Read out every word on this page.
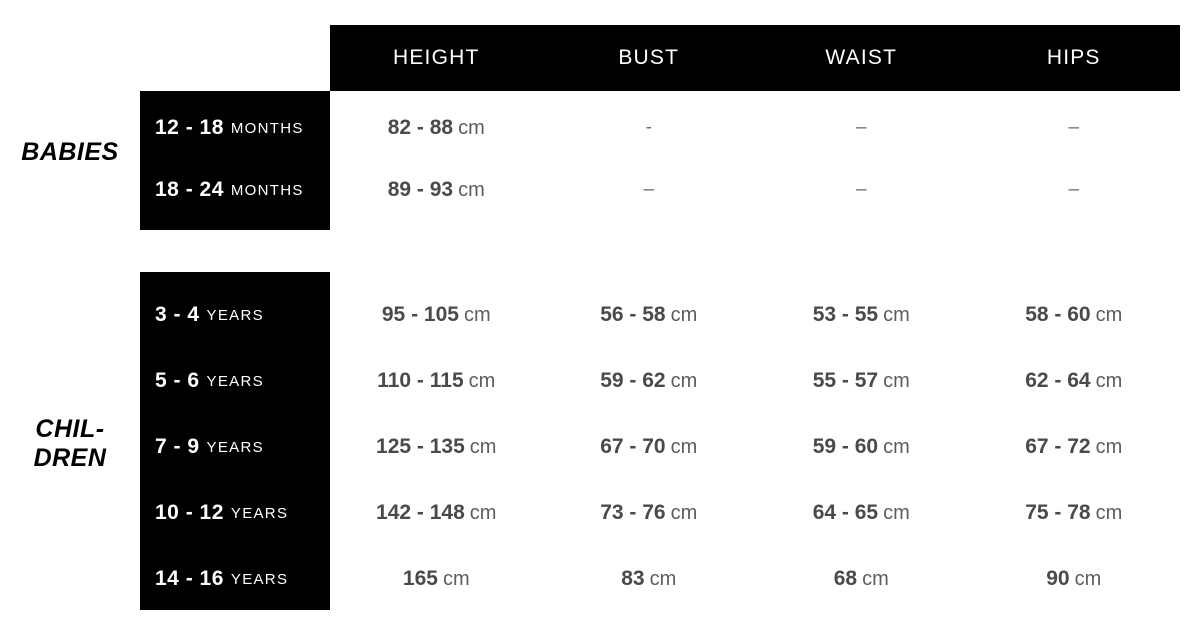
HEIGHT	BUST	WAIST	HIPS
BABIES
CHIL-
DREN
12 - 18 MONTHS	82 - 88 cm	-	–	–
18 - 24 MONTHS	89 - 93 cm	–	–	–
3 - 4 YEARS	95 - 105 cm	56 - 58 cm	53 - 55 cm	58 - 60 cm
5 - 6 YEARS	110 - 115 cm	59 - 62 cm	55 - 57 cm	62 - 64 cm
7 - 9 YEARS	125 - 135 cm	67 - 70 cm	59 - 60 cm	67 - 72 cm
10 - 12 YEARS	142 - 148 cm	73 - 76 cm	64 - 65 cm	75 - 78 cm
14 - 16 YEARS	165 cm	83 cm	68 cm	90 cm
